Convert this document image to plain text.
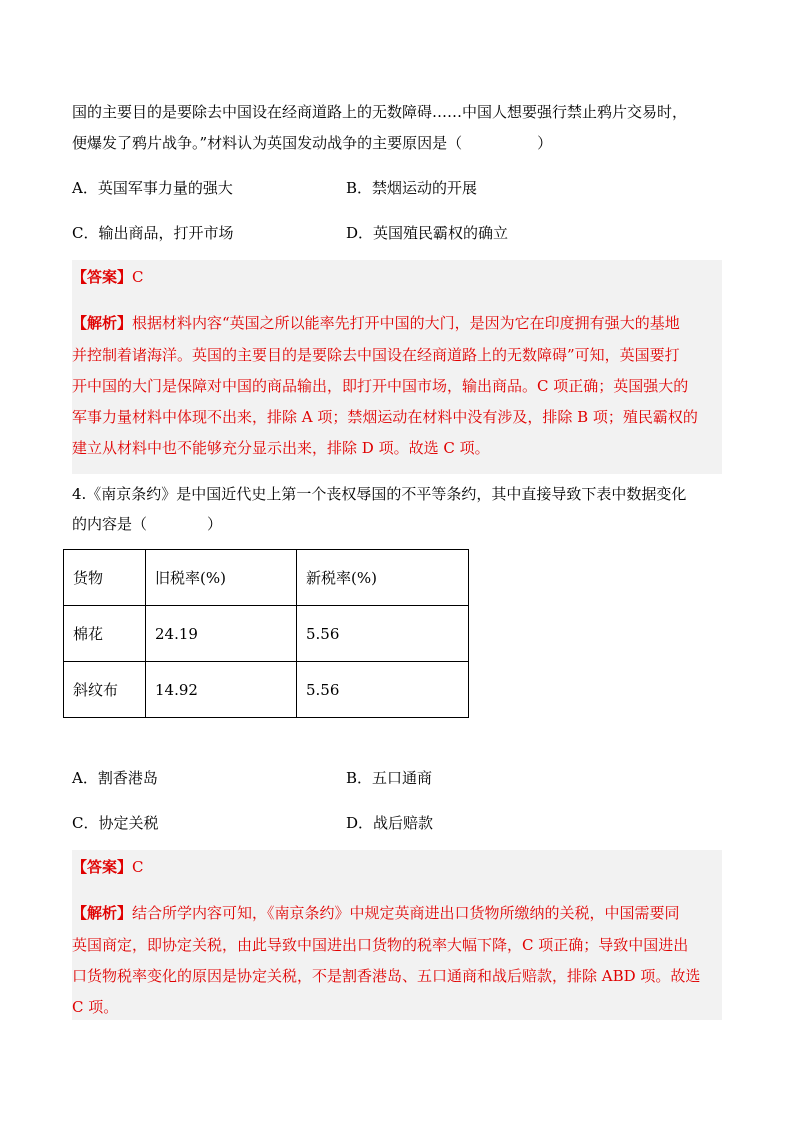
国的主要目的是要除去中国设在经商道路上的无数障碍……中国人想要强行禁止鸦片交易时，
便爆发了鸦片战争。”材料认为英国发动战争的主要原因是（　　　　　）
A．英国军事力量的强大	B．禁烟运动的开展
C．输出商品，打开市场	D．英国殖民霸权的确立
【答案】C
【解析】根据材料内容“英国之所以能率先打开中国的大门，是因为它在印度拥有强大的基地
并控制着诸海洋。英国的主要目的是要除去中国设在经商道路上的无数障碍”可知，英国要打
开中国的大门是保障对中国的商品输出，即打开中国市场，输出商品。C 项正确；英国强大的
军事力量材料中体现不出来，排除 A 项；禁烟运动在材料中没有涉及，排除 B 项；殖民霸权的
建立从材料中也不能够充分显示出来，排除 D 项。故选 C 项。
4.《南京条约》是中国近代史上第一个丧权辱国的不平等条约，其中直接导致下表中数据变化
的内容是（　　　　）
货物	旧税率(%)	新税率(%)
棉花	24.19	5.56
斜纹布	14.92	5.56
A．割香港岛	B．五口通商
C．协定关税	D．战后赔款
【答案】C
【解析】结合所学内容可知，《南京条约》中规定英商进出口货物所缴纳的关税，中国需要同
英国商定，即协定关税，由此导致中国进出口货物的税率大幅下降，C 项正确；导致中国进出
口货物税率变化的原因是协定关税，不是割香港岛、五口通商和战后赔款，排除 ABD 项。故选
C 项。
